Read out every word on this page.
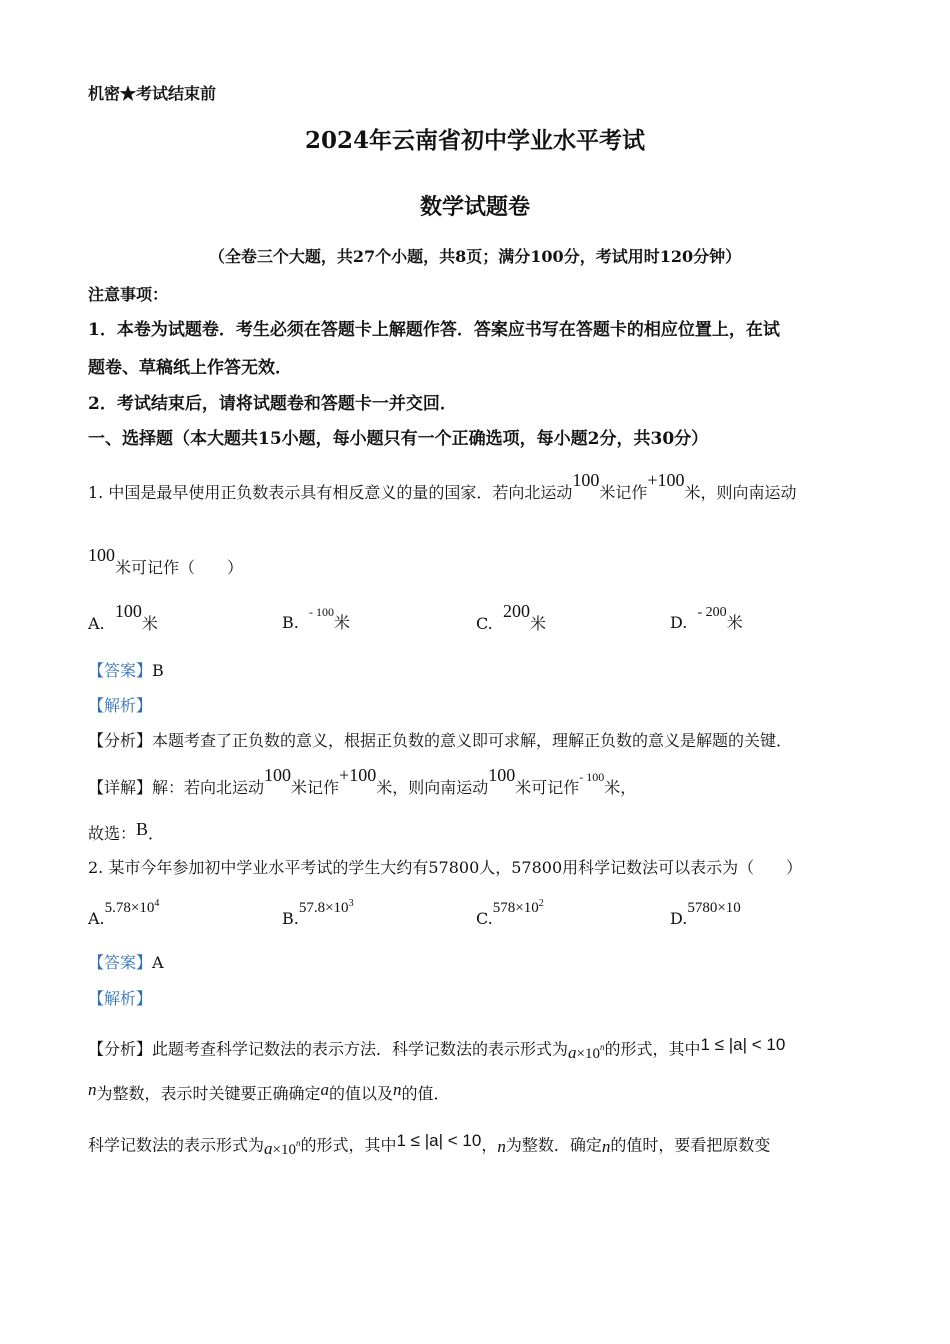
机密★考试结束前
2024年云南省初中学业水平考试
数学试题卷
（全卷三个大题，共27个小题，共8页；满分100分，考试用时120分钟）
注意事项：
1．本卷为试题卷．考生必须在答题卡上解题作答．答案应书写在答题卡的相应位置上，在试
题卷、草稿纸上作答无效．
2．考试结束后，请将试题卷和答题卡一并交回．
一、选择题（本大题共15小题，每小题只有一个正确选项，每小题2分，共30分）
1. 中国是最早使用正负数表示具有相反意义的量的国家．若向北运动100米记作+100米，则向南运动
100米可记作（　　）
A.  100米	B.  $^{- 100}$米	C.  200米	D.  - 200米
【答案】B
【解析】
【分析】本题考查了正负数的意义，根据正负数的意义即可求解，理解正负数的意义是解题的关键．
【详解】解：若向北运动100米记作+100米，则向南运动100米可记作$^{- 100}$米，
故选：B．
2. 某市今年参加初中学业水平考试的学生大约有57800人，57800用科学记数法可以表示为（　　）
$A.5.78\times 10^4$
$B.57.8\times 10^3$
$C.578\times 10^2$
D.5780×10
【答案】A
【解析】
【分析】此题考查科学记数法的表示方法．科学记数法的表示形式为$a\times 10^n$的形式，其中1 ≤ |a| < 10
n为整数，表示时关键要正确确定a的值以及n的值．
科学记数法的表示形式为$a\times 10^n$的形式，其中1 ≤ |a| < 10，n为整数．确定n的值时，要看把原数变
